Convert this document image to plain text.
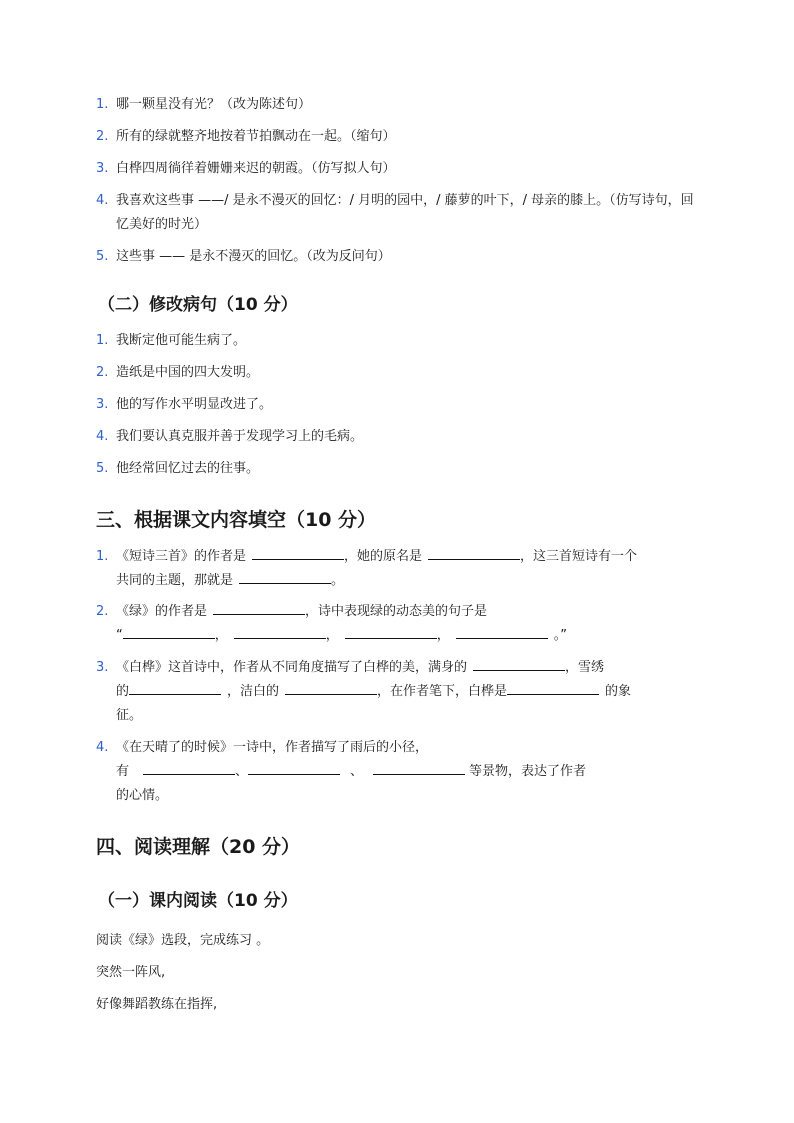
1. 哪一颗星没有光？（改为陈述句）
2. 所有的绿就整齐地按着节拍飘动在一起。（缩句）
3. 白桦四周徜徉着姗姗来迟的朝霞。（仿写拟人句）
4. 我喜欢这些事 ——/ 是永不漫灭的回忆：/ 月明的园中，/ 藤萝的叶下，/ 母亲的膝上。（仿写诗句，回忆美好的时光）
5. 这些事 —— 是永不漫灭的回忆。（改为反问句）
（二）修改病句（10 分）
1. 我断定他可能生病了。
2. 造纸是中国的四大发明。
3. 他的写作水平明显改进了。
4. 我们要认真克服并善于发现学习上的毛病。
5. 他经常回忆过去的往事。
三、根据课文内容填空（10 分）
1. 《短诗三首》的作者是	，她的原名是	，这三首短诗有一个
共同的主题，那就是	。
2. 《绿》的作者是	，诗中表现绿的动态美的句子是
“	，	，	，	。”
3. 《白桦》这首诗中，作者从不同角度描写了白桦的美，满身的	，雪绣
的	，洁白的	，在作者笔下，白桦是	的象
征。
4. 《在天晴了的时候》一诗中，作者描写了雨后的小径，
有	、	、	等景物，表达了作者
的心情。
四、阅读理解（20 分）
（一）课内阅读（10 分）

阅读《绿》选段，完成练习 。

突然一阵风,

好像舞蹈教练在指挥,
